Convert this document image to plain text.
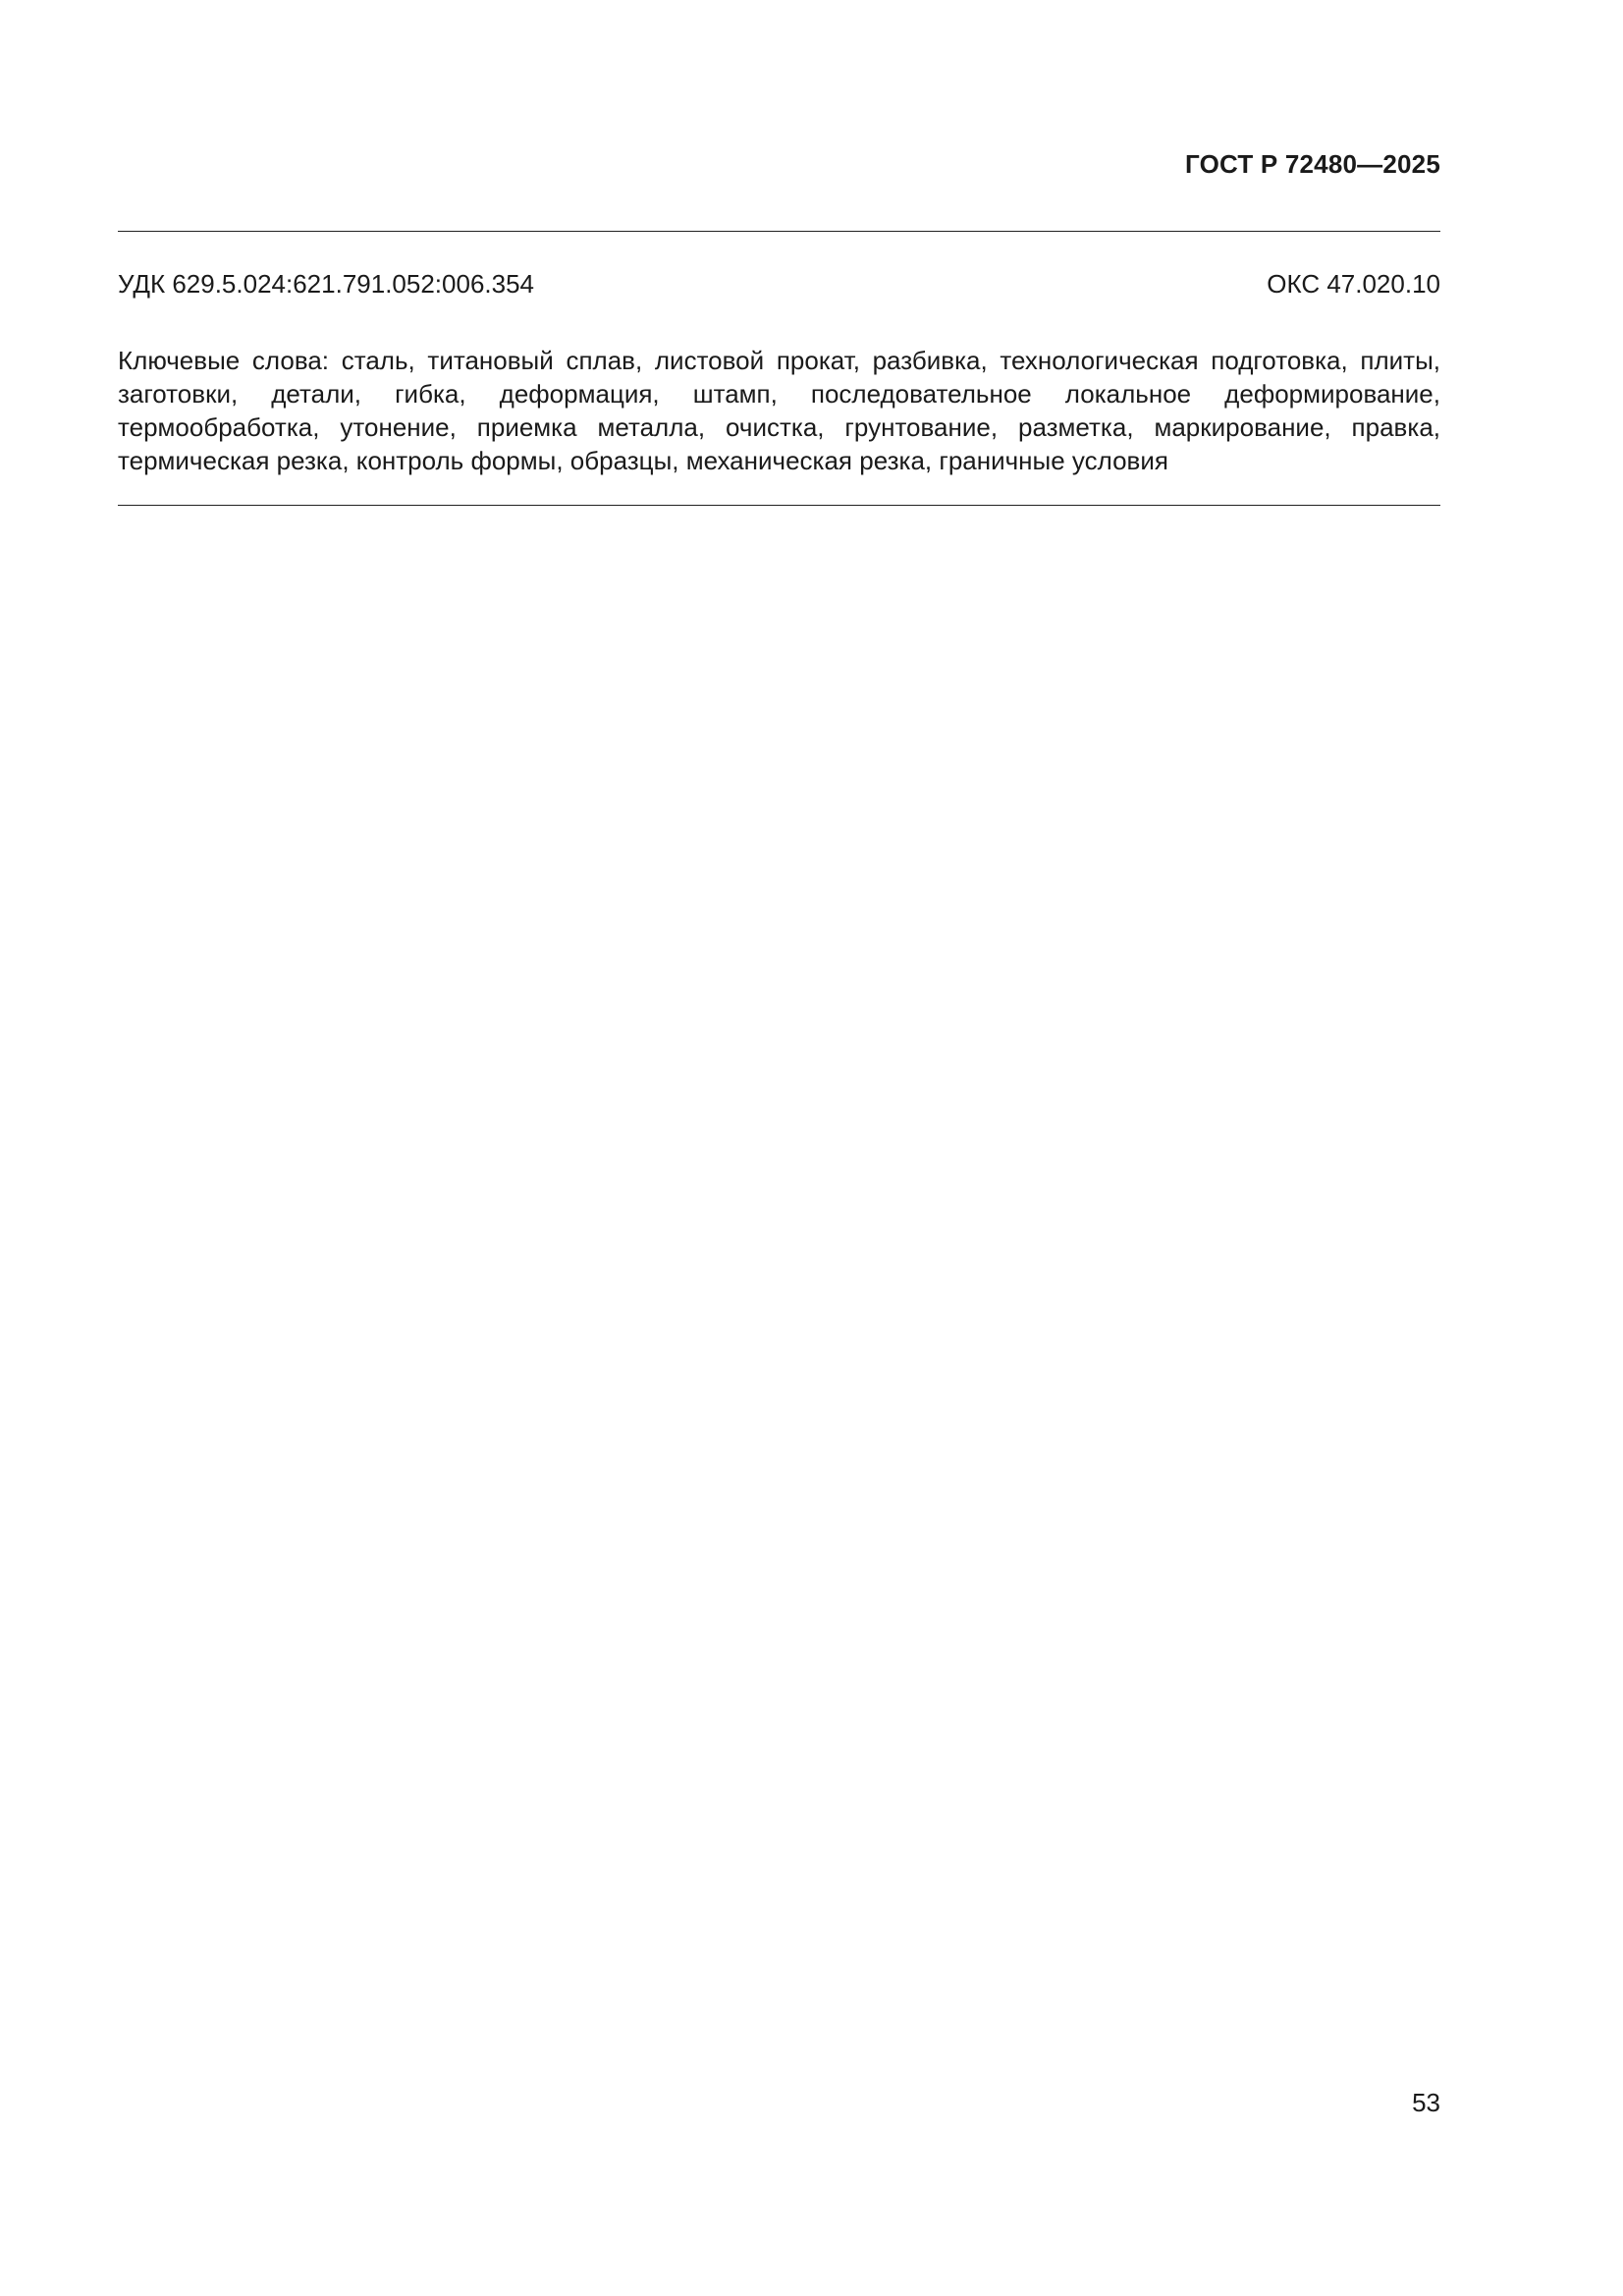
ГОСТ Р 72480—2025
УДК 629.5.024:621.791.052:006.354	ОКС 47.020.10
Ключевые слова: сталь, титановый сплав, листовой прокат, разбивка, технологическая подготовка, плиты, заготовки, детали, гибка, деформация, штамп, последовательное локальное деформирование, термообработка, утонение, приемка металла, очистка, грунтование, разметка, маркирование, правка, термическая резка, контроль формы, образцы, механическая резка, граничные условия
53
